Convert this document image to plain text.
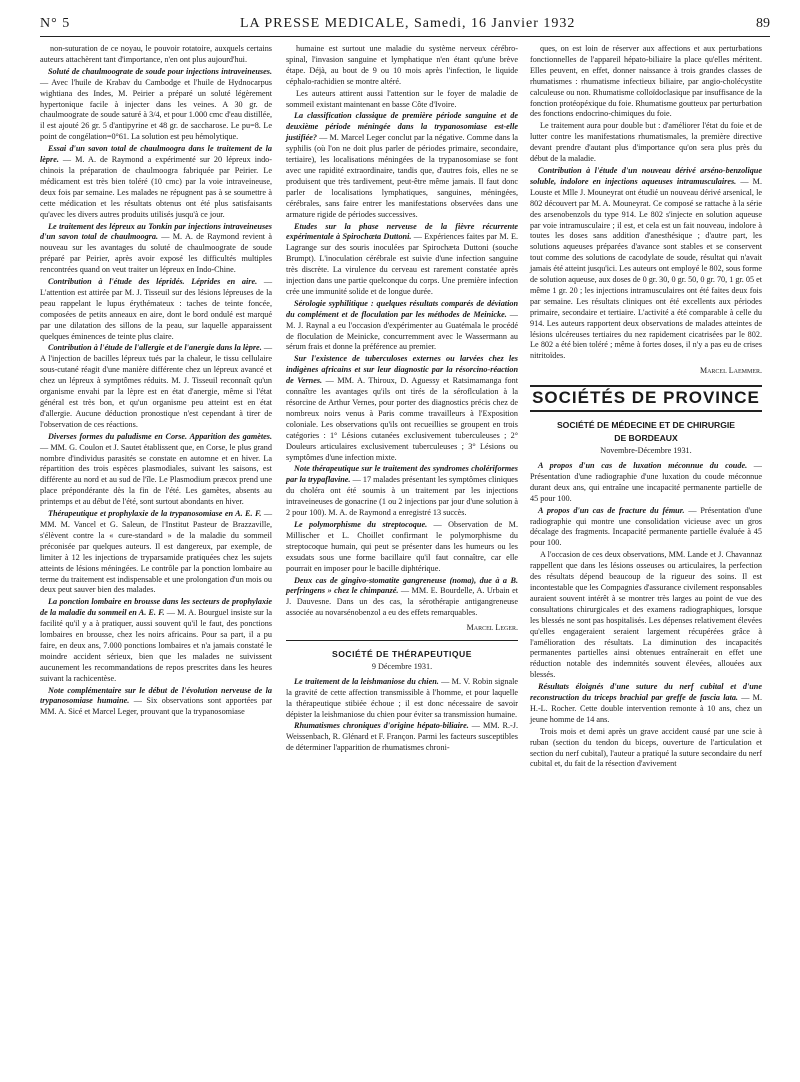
N° 5	LA PRESSE MEDICALE, Samedi, 16 Janvier 1932	89

non-suturation de ce noyau, le pouvoir rotatoire, auxquels certains auteurs attachèrent tant d'importance, n'en ont plus aujourd'hui.

Soluté de chaulmoograte de soude pour injections intraveineuses. — Avec l'huile de Krabav du Cambodge et l'huile de Hydnocarpus wightiana des Indes, M. Peirier a préparé un soluté légèrement hypertonique facile à injecter dans les veines. A 30 gr. de chaulmoograte de soude saturé à 3/4, et pour 1.000 cmc d'eau distillée, il est ajouté 26 gr. 5 d'antipyrine et 48 gr. de saccharose. Le pu=8. Le point de congélation=0°61. La solution est peu hémolytique.

Essai d'un savon total de chaulmoogra dans le traitement de la lèpre. — M. A. de Raymond a expérimenté sur 20 lépreux indo-chinois la préparation de chaulmoogra fabriquée par Peirier. Le médicament est très bien toléré (10 cmc) par la voie intraveineuse, deux fois par semaine. Les malades ne répugnent pas à se soumettre à cette médication et les résultats obtenus ont été plus satisfaisants qu'avec les divers autres produits utilisés jusqu'à ce jour.

Le traitement des lépreux au Tonkin par injections intraveineuses d'un savon total de chaulmoogra. — M. A. de Raymond revient à nouveau sur les avantages du soluté de chaulmoograte de soude préparé par Peirier, après avoir exposé les difficultés multiples rencontrées quand on veut traiter un lépreux en Indo-Chine.

Contribution à l'étude des lépridés. Léprides en aire. — L'attention est attirée par M. J. Tisseuil sur des lésions lépreuses de la peau rappelant le lupus érythémateux : taches de teinte foncée, composées de petits anneaux en aire, dont le bord ondulé est marqué par une dilatation des sillons de la peau, sur laquelle apparaissent quelques éminences de teinte plus claire.

Contribution à l'étude de l'allergie et de l'anergie dans la lèpre. — A l'injection de bacilles lépreux tués par la chaleur, le tissu cellulaire sous-cutané réagit d'une manière différente chez un lépreux avancé et chez un lépreux à symptômes réduits. M. J. Tisseuil reconnaît qu'un organisme envahi par la lèpre est en état d'anergie, même si l'état général est très bon, et qu'un organisme peu atteint est en état d'allergie. Aucune déduction pronostique n'est cependant à tirer de l'observation de ces réactions.

Diverses formes du paludisme en Corse. Apparition des gamètes. — MM. G. Coulon et J. Sautet établissent que, en Corse, le plus grand nombre d'individus parasités se constate en automne et en hiver. La répartition des trois espèces plasmodiales, suivant les saisons, est différente au nord et au sud de l'île. Le Plasmodium præcox prend une place prépondérante dès la fin de l'été. Les gamètes, absents au printemps et au début de l'été, sont surtout abondants en hiver.

Thérapeutique et prophylaxie de la trypanosomiase en A. E. F. — MM. M. Vancel et G. Saleun, de l'Institut Pasteur de Brazzaville, s'élèvent contre la « cure-standard » de la maladie du sommeil préconisée par quelques auteurs. Il est dangereux, par exemple, de limiter à 12 les injections de tryparsamide pratiquées chez les sujets atteints de lésions méningées. Le contrôle par la ponction lombaire au terme du traitement est indispensable et une prolongation d'un mois ou deux peut sauver bien des malades.

La ponction lombaire en brousse dans les secteurs de prophylaxie de la maladie du sommeil en A. E. F. — M. A. Bourguel insiste sur la facilité qu'il y a à pratiquer, aussi souvent qu'il le faut, des ponctions lombaires en brousse, chez les noirs africains. Pour sa part, il a pu faire, en deux ans, 7.000 ponctions lombaires et n'a jamais constaté le moindre accident sérieux, bien que les malades ne suivissent aucunement les recommandations de repos prescrites dans les heures suivant la rachicentèse.

Note complémentaire sur le début de l'évolution nerveuse de la trypanosomiase humaine. — Six observations sont apportées par MM. A. Sicé et Marcel Leger, prouvant que la trypanosomiase

humaine est surtout une maladie du système nerveux cérébro-spinal, l'invasion sanguine et lymphatique n'en étant qu'une brève étape. Déjà, au bout de 9 ou 10 mois après l'infection, le liquide céphalo-rachidien se montre altéré.

Les auteurs attirent aussi l'attention sur le foyer de maladie de sommeil existant maintenant en basse Côte d'Ivoire.

La classification classique de première période sanguine et de deuxième période méningée dans la trypanosomiase est-elle justifiée? — M. Marcel Leger conclut par la négative. Comme dans la syphilis (où l'on ne doit plus parler de périodes primaire, secondaire, tertiaire), les localisations méningées de la trypanosomiase se font avec une rapidité extraordinaire, tandis que, d'autres fois, elles ne se produisent que très tardivement, peut-être même jamais. Il faut donc parler de localisations lymphatiques, sanguines, méningées, cérébrales, sans faire entrer les manifestations observées dans une armature rigide de périodes successives.

Etudes sur la phase nerveuse de la fièvre récurrente expérimentale à Spirochæta Duttoni. — Expériences faites par M. E. Lagrange sur des souris inoculées par Spirochæta Duttoni (souche Brumpt). L'inoculation cérébrale est suivie d'une infection sanguine très discrète. La virulence du cerveau est rarement constatée après injection dans une partie quelconque du corps. Une première infection crée une immunité solide et de longue durée.

Sérologie syphilitique : quelques résultats comparés de déviation du complément et de floculation par les méthodes de Meinicke. — M. J. Raynal a eu l'occasion d'expérimenter au Guatémala le procédé de floculation de Meinicke, concurremment avec le Wassermann au sérum frais et donne la préférence au premier.

Sur l'existence de tuberculoses externes ou larvées chez les indigènes africains et sur leur diagnostic par la résorcino-réaction de Vernes. — MM. A. Thiroux, D. Aguessy et Ratsimamanga font connaître les avantages qu'ils ont tirés de la séroflculation à la résorcine de Arthur Vernes, pour porter des diagnostics précis chez de nombreux noirs venus à Paris comme travailleurs à l'Exposition coloniale. Les observations qu'ils ont recueillies se groupent en trois catégories : 1° Lésions cutanées exclusivement tuberculeuses ; 2° Douleurs articulaires exclusivement tuberculeuses ; 3° Lésions ou symptômes d'une infection mixte.

Note thérapeutique sur le traitement des syndromes cholériformes par la trypaflavine. — 17 malades présentant les symptômes cliniques du choléra ont été soumis à un traitement par les injections intraveineuses de gonacrine (1 ou 2 injections par jour d'une solution à 2 pour 100). M. A. de Raymond a enregistré 13 succès.

Le polymorphisme du streptocoque. — Observation de M. Millischer et L. Choillet confirmant le polymorphisme du streptocoque humain, qui peut se présenter dans les humeurs ou les exsudats sous une forme bacillaire qu'il faut connaître, car elle pourrait en imposer pour le bacille diphtérique.

Deux cas de gingivo-stomatite gangreneuse (noma), due à a B. perfringens » chez le chimpanzé. — MM. E. Bourdelle, A. Urbain et J. Dauvesne. Dans un des cas, la sérothérapie antigangreneuse associée au novarsénobenzol a eu des effets remarquables.

Marcel Leger.
SOCIÉTÉ DE THÉRAPEUTIQUE
9 Décembre 1931.

Le traitement de la leishmaniose du chien. — M. V. Robin signale la gravité de cette affection transmissible à l'homme, et pour laquelle la thérapeutique stibiée échoue ; il est donc nécessaire de savoir dépister la leishmaniose du chien pour éviter sa transmission humaine.

Rhumatismes chroniques d'origine hépato-biliaire. — MM. R.-J. Weissenbach, R. Glénard et F. Françon. Parmi les facteurs susceptibles de déterminer l'apparition de rhumatismes chroni-

ques, on est loin de réserver aux affections et aux perturbations fonctionnelles de l'appareil hépato-biliaire la place qu'elles méritent. Elles peuvent, en effet, donner naissance à trois grandes classes de rhumatismes : rhumatisme infectieux biliaire, par angio-cholécystite calculeuse ou non. Rhumatisme colloïdoclasique par insuffisance de la fonction protéopéxique du foie. Rhumatisme goutteux par perturbation des fonctions endocrino-chimiques du foie.

Le traitement aura pour double but : d'améliorer l'état du foie et de lutter contre les manifestations rhumatismales, la première directive devant prendre d'autant plus d'importance qu'on sera plus près du début de la maladie.

Contribution à l'étude d'un nouveau dérivé arséno-benzolique soluble, indolore en injections aqueuses intramusculaires. — M. Louste et Mlle J. Mouneyrat ont étudié un nouveau dérivé arsenical, le 802 découvert par M. A. Mouneyrat. Ce composé se rattache à la série des arsenobenzols du type 914. Le 802 s'injecte en solution aqueuse par voie intramusculaire ; il est, et cela est un fait nouveau, indolore à toutes les doses sans addition d'anesthésique ; d'autre part, les solutions aqueuses préparées d'avance sont stables et se conservent tout comme des solutions de cacodylate de soude, résultat qui n'avait jamais été atteint jusqu'ici. Les auteurs ont employé le 802, sous forme de solution aqueuse, aux doses de 0 gr. 30, 0 gr. 50, 0 gr. 70, 1 gr. 05 et même 1 gr. 20 ; les injections intramusculaires ont été faites deux fois par semaine. Les résultats cliniques ont été excellents aux périodes primaire, secondaire et tertiaire. L'activité a été comparable à celle du 914. Les auteurs rapportent deux observations de malades atteintes de lésions ulcéreuses tertiaires du nez rapidement cicatrisées par le 802. Le 802 a été bien toléré ; même à fortes doses, il n'y a pas eu de crises nitritoïdes.

Marcel Laemmer.
SOCIÉTÉS DE PROVINCE
SOCIÉTÉ DE MÉDECINE ET DE CHIRURGIE
DE BORDEAUX
Novembre-Décembre 1931.

A propos d'un cas de luxation méconnue du coude. — Présentation d'une radiographie d'une luxation du coude méconnue durant deux ans, qui entraîne une incapacité permanente partielle de 45 pour 100.

A propos d'un cas de fracture du fémur. — Présentation d'une radiographie qui montre une consolidation vicieuse avec un gros décalage des fragments. Incapacité permanente partielle évaluée à 45 pour 100.

A l'occasion de ces deux observations, MM. Lande et J. Chavannaz rappellent que dans les lésions osseuses ou articulaires, la perfection des résultats dépend beaucoup de la rigueur des soins. Il est incontestable que les Compagnies d'assurance civilement responsables auraient souvent intérêt à se montrer très larges au point de vue des consultations chirurgicales et des examens radiographiques, lorsque les blessés ne sont pas hospitalisés. Les dépenses relativement élevées qu'elles engageraient seraient largement récupérées grâce à l'amélioration des résultats. La diminution des incapacités permanentes partielles ainsi obtenues entraînerait en effet une réduction notable des indemnités souvent élevées, allouées aux blessés.

Résultats éloignés d'une suture du nerf cubital et d'une reconstruction du triceps brachial par greffe de fascia lata. — M. H.-L. Rocher. Cette double intervention remonte à 10 ans, chez un jeune homme de 14 ans.

Trois mois et demi après un grave accident causé par une scie à ruban (section du tendon du biceps, ouverture de l'articulation et section du nerf cubital), l'auteur a pratiqué la suture secondaire du nerf cubital et, du fait de la résection d'avivement
